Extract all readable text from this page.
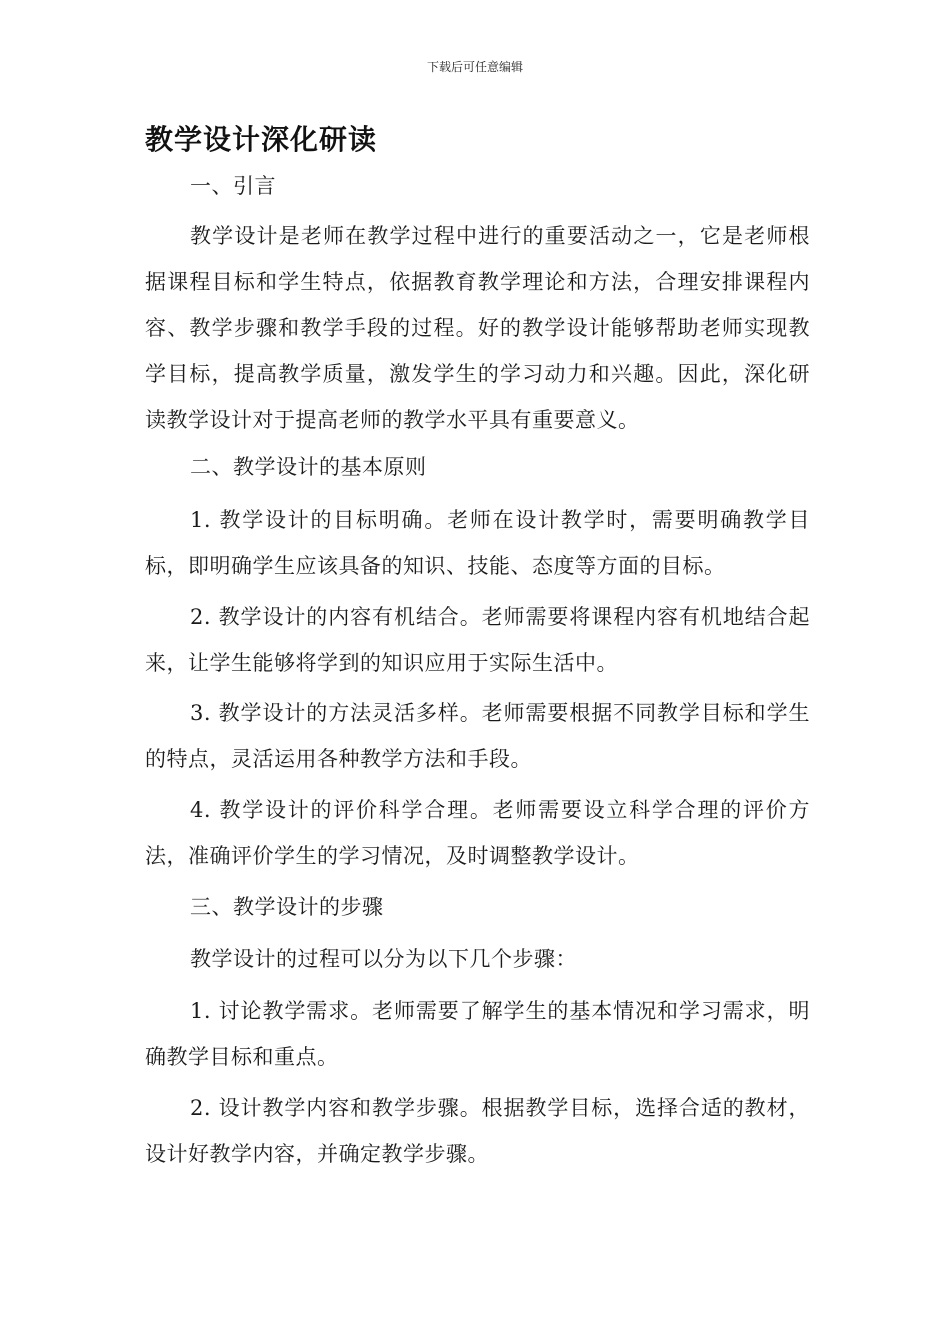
下载后可任意编辑
教学设计深化研读

一、引言

教学设计是老师在教学过程中进行的重要活动之一，它是老师根据课程目标和学生特点，依据教育教学理论和方法，合理安排课程内容、教学步骤和教学手段的过程。好的教学设计能够帮助老师实现教学目标，提高教学质量，激发学生的学习动力和兴趣。因此，深化研读教学设计对于提高老师的教学水平具有重要意义。

二、教学设计的基本原则

1. 教学设计的目标明确。老师在设计教学时，需要明确教学目标，即明确学生应该具备的知识、技能、态度等方面的目标。

2. 教学设计的内容有机结合。老师需要将课程内容有机地结合起来，让学生能够将学到的知识应用于实际生活中。

3. 教学设计的方法灵活多样。老师需要根据不同教学目标和学生的特点，灵活运用各种教学方法和手段。

4. 教学设计的评价科学合理。老师需要设立科学合理的评价方法，准确评价学生的学习情况，及时调整教学设计。

三、教学设计的步骤

教学设计的过程可以分为以下几个步骤：

1. 讨论教学需求。老师需要了解学生的基本情况和学习需求，明确教学目标和重点。

2. 设计教学内容和教学步骤。根据教学目标，选择合适的教材，设计好教学内容，并确定教学步骤。
